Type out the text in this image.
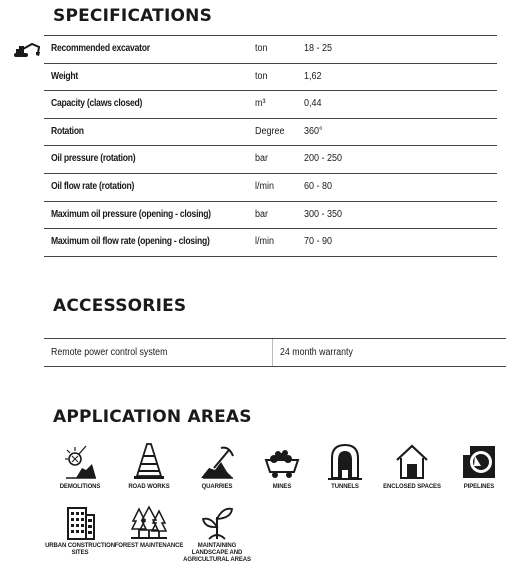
SPECIFICATIONS
Recommended excavator	ton	18 - 25
Weight	ton	1,62
Capacity (claws closed)	m³	0,44
Rotation	Degree 360°
Oil pressure (rotation)	bar	200 - 250
Oil flow rate (rotation)	l/min	60 - 80
Maximum oil pressure (opening - closing)	bar	300 - 350
Maximum oil flow rate (opening - closing)	l/min	70 - 90
ACCESSORIES
Remote power control system	24 month warranty
APPLICATION AREAS
DEMOLITIONS	ROAD WORKS	QUARRIES	MINES	TUNNELS	ENCLOSED SPACES	PIPELINES
URBAN CONSTRUCTION SITES
FOREST MAINTENANCE	MAINTAINING LANDSCAPE AND AGRICULTURAL AREAS
